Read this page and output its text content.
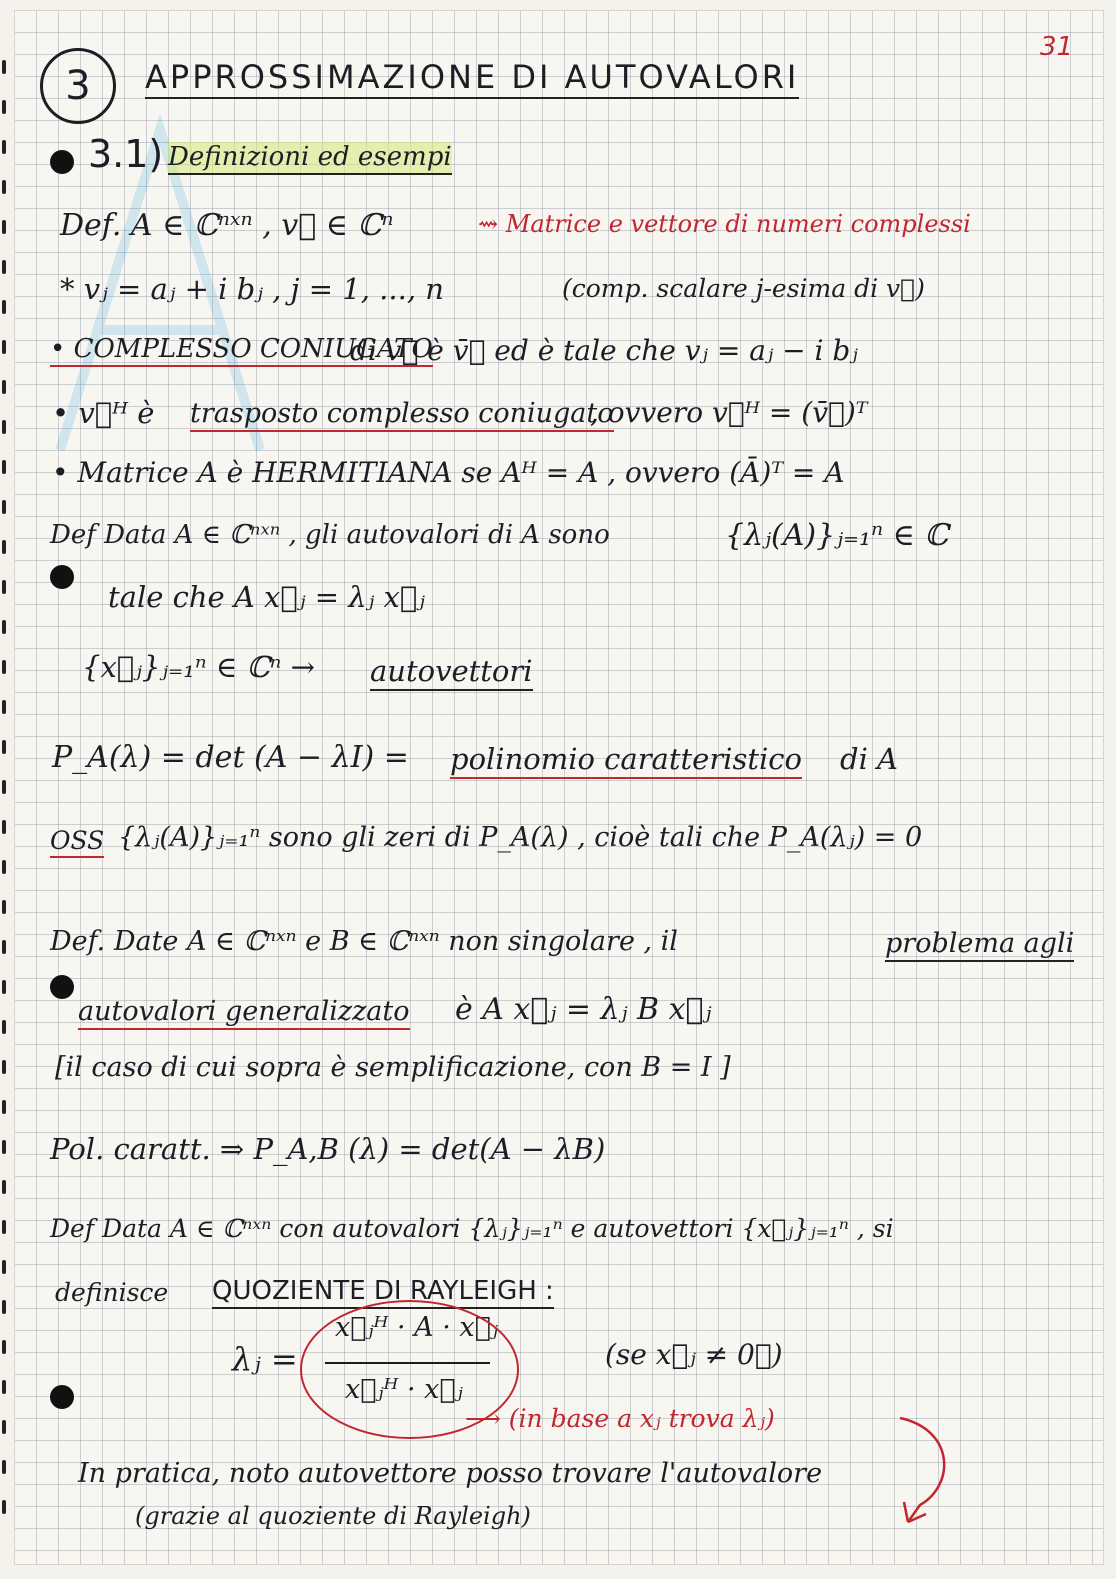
31
3	APPROSSIMAZIONE DI AUTOVALORI
3.1) Definizioni ed esempi
Def. A ∈ ℂⁿˣⁿ , v⃗ ∈ ℂⁿ	⇝ Matrice e vettore di numeri complessi
* vⱼ = aⱼ + i bⱼ , j = 1, ..., n	(comp. scalare j-esima di v⃗)
• COMPLESSO CONIUGATO
di v⃗ è v̄⃗ ed è tale che vⱼ = aⱼ − i bⱼ
• v⃗ᴴ è trasposto complesso coniugato
, ovvero v⃗ᴴ = (v̄⃗)ᵀ
• Matrice A è HERMITIANA se Aᴴ = A , ovvero (Ā)ᵀ = A
Def Data A ∈ ℂⁿˣⁿ , gli autovalori di A sono	{λⱼ(A)}ⱼ₌₁ⁿ ∈ ℂ
tale che A x⃗ⱼ = λⱼ x⃗ⱼ
{x⃗ⱼ}ⱼ₌₁ⁿ ∈ ℂⁿ → autovettori
P_A(λ) = det (A − λI) = polinomio caratteristico di A
OSS {λⱼ(A)}ⱼ₌₁ⁿ sono gli zeri di P_A(λ) , cioè tali che P_A(λⱼ) = 0
Def. Date A ∈ ℂⁿˣⁿ e B ∈ ℂⁿˣⁿ non singolare , il	problema agli
autovalori generalizzato è A x⃗ⱼ = λⱼ B x⃗ⱼ
[il caso di cui sopra è semplificazione, con B = I ]
Pol. caratt. ⇒ P_A,B (λ) = det(A − λB)
Def Data A ∈ ℂⁿˣⁿ con autovalori {λⱼ}ⱼ₌₁ⁿ e autovettori {x⃗ⱼ}ⱼ₌₁ⁿ , si
definisce QUOZIENTE DI RAYLEIGH :
λⱼ =
x⃗ⱼᴴ · A · x⃗ⱼ
x⃗ⱼᴴ · x⃗ⱼ
(se x⃗ⱼ ≠ 0⃗)
⟶ (in base a xⱼ trova λⱼ)
In pratica, noto autovettore posso trovare l'autovalore
(grazie al quoziente di Rayleigh)
